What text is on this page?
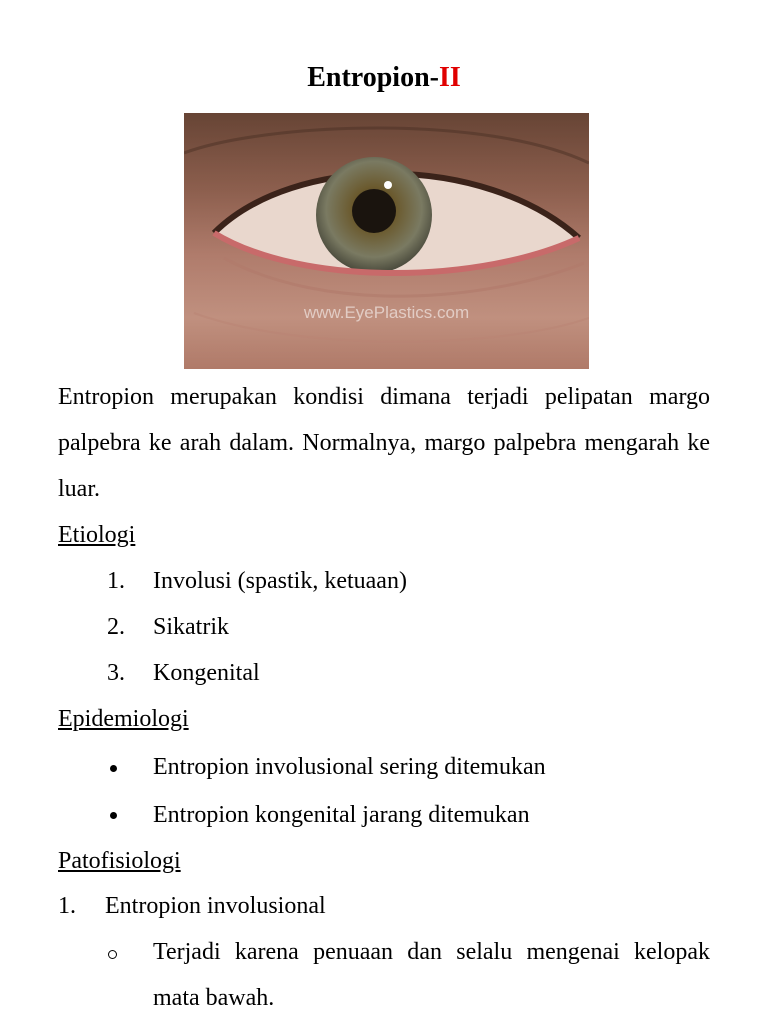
Entropion-II
www.EyePlastics.com
Entropion merupakan kondisi dimana terjadi pelipatan margo palpebra ke arah dalam. Normalnya, margo palpebra mengarah ke luar.
Etiologi
1. Involusi (spastik, ketuaan)
2. Sikatrik
3. Kongenital
Epidemiologi
Entropion involusional sering ditemukan
Entropion kongenital jarang ditemukan
Patofisiologi
1. Entropion involusional
Terjadi karena penuaan dan selalu mengenai kelopak mata bawah.
